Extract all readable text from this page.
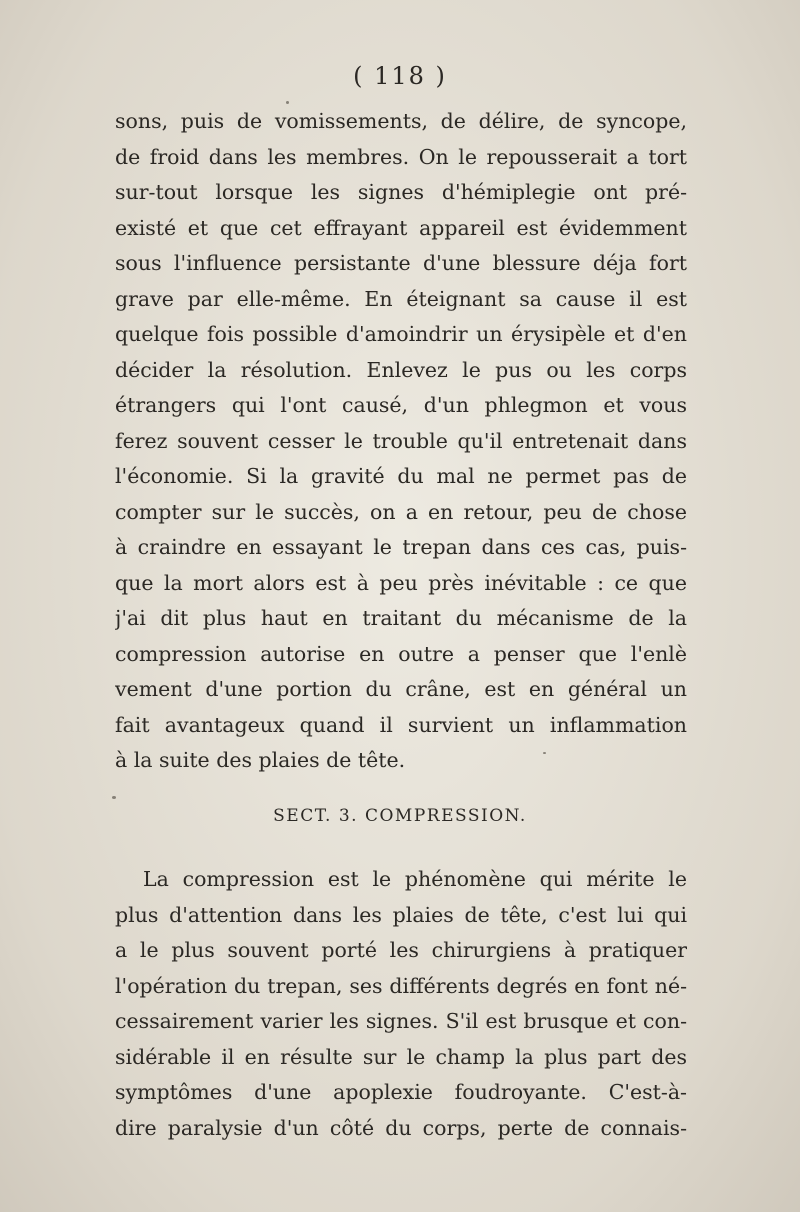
( 118 )
sons, puis de vomissements, de délire, de syncope,
de froid dans les membres. On le repousserait a tort
sur-tout lorsque les signes d'hémiplegie ont pré-
existé et que cet effrayant appareil est évidemment
sous l'influence persistante d'une blessure déja fort
grave par elle-même. En éteignant sa cause il est
quelque fois possible d'amoindrir un érysipèle et d'en
décider la résolution. Enlevez le pus ou les corps
étrangers qui l'ont causé, d'un phlegmon et vous
ferez souvent cesser le trouble qu'il entretenait dans
l'économie. Si la gravité du mal ne permet pas de
compter sur le succès, on a en retour, peu de chose
à craindre en essayant le trepan dans ces cas, puis-
que la mort alors est à peu près inévitable : ce que
j'ai dit plus haut en traitant du mécanisme de la
compression autorise en outre a penser que l'enlè
vement d'une portion du crâne, est en général un
fait avantageux quand il survient un inflammation
à la suite des plaies de tête.
SECT. 3. COMPRESSION.
La compression est le phénomène qui mérite le
plus d'attention dans les plaies de tête, c'est lui qui
a le plus souvent porté les chirurgiens à pratiquer
l'opération du trepan, ses différents degrés en font né-
cessairement varier les signes. S'il est brusque et con-
sidérable il en résulte sur le champ la plus part des
symptômes d'une apoplexie foudroyante. C'est-à-
dire paralysie d'un côté du corps, perte de connais-
